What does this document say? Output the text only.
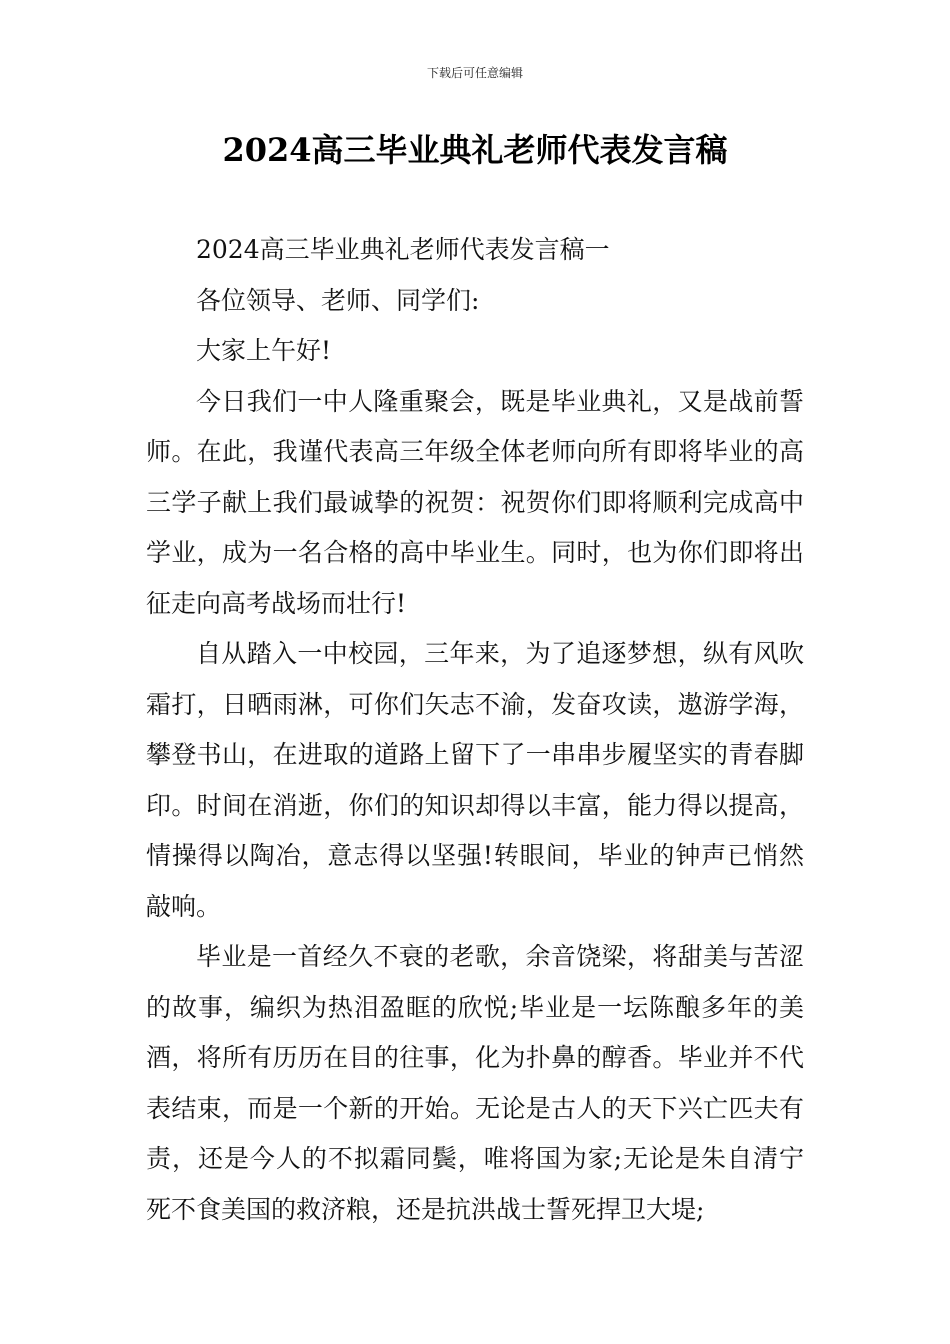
下载后可任意编辑
2024高三毕业典礼老师代表发言稿

2024高三毕业典礼老师代表发言稿一

各位领导、老师、同学们:

大家上午好!

今日我们一中人隆重聚会，既是毕业典礼，又是战前誓师。在此，我谨代表高三年级全体老师向所有即将毕业的高三学子献上我们最诚挚的祝贺：祝贺你们即将顺利完成高中学业，成为一名合格的高中毕业生。同时，也为你们即将出征走向高考战场而壮行!

自从踏入一中校园，三年来，为了追逐梦想，纵有风吹霜打，日晒雨淋，可你们矢志不渝，发奋攻读，遨游学海，攀登书山，在进取的道路上留下了一串串步履坚实的青春脚印。时间在消逝，你们的知识却得以丰富，能力得以提高，情操得以陶冶，意志得以坚强!转眼间，毕业的钟声已悄然敲响。

毕业是一首经久不衰的老歌，余音饶梁，将甜美与苦涩的故事，编织为热泪盈眶的欣悦;毕业是一坛陈酿多年的美酒，将所有历历在目的往事，化为扑鼻的醇香。毕业并不代表结束，而是一个新的开始。无论是古人的天下兴亡匹夫有责，还是今人的不拟霜同鬓，唯将国为家;无论是朱自清宁死不食美国的救济粮，还是抗洪战士誓死捍卫大堤;
